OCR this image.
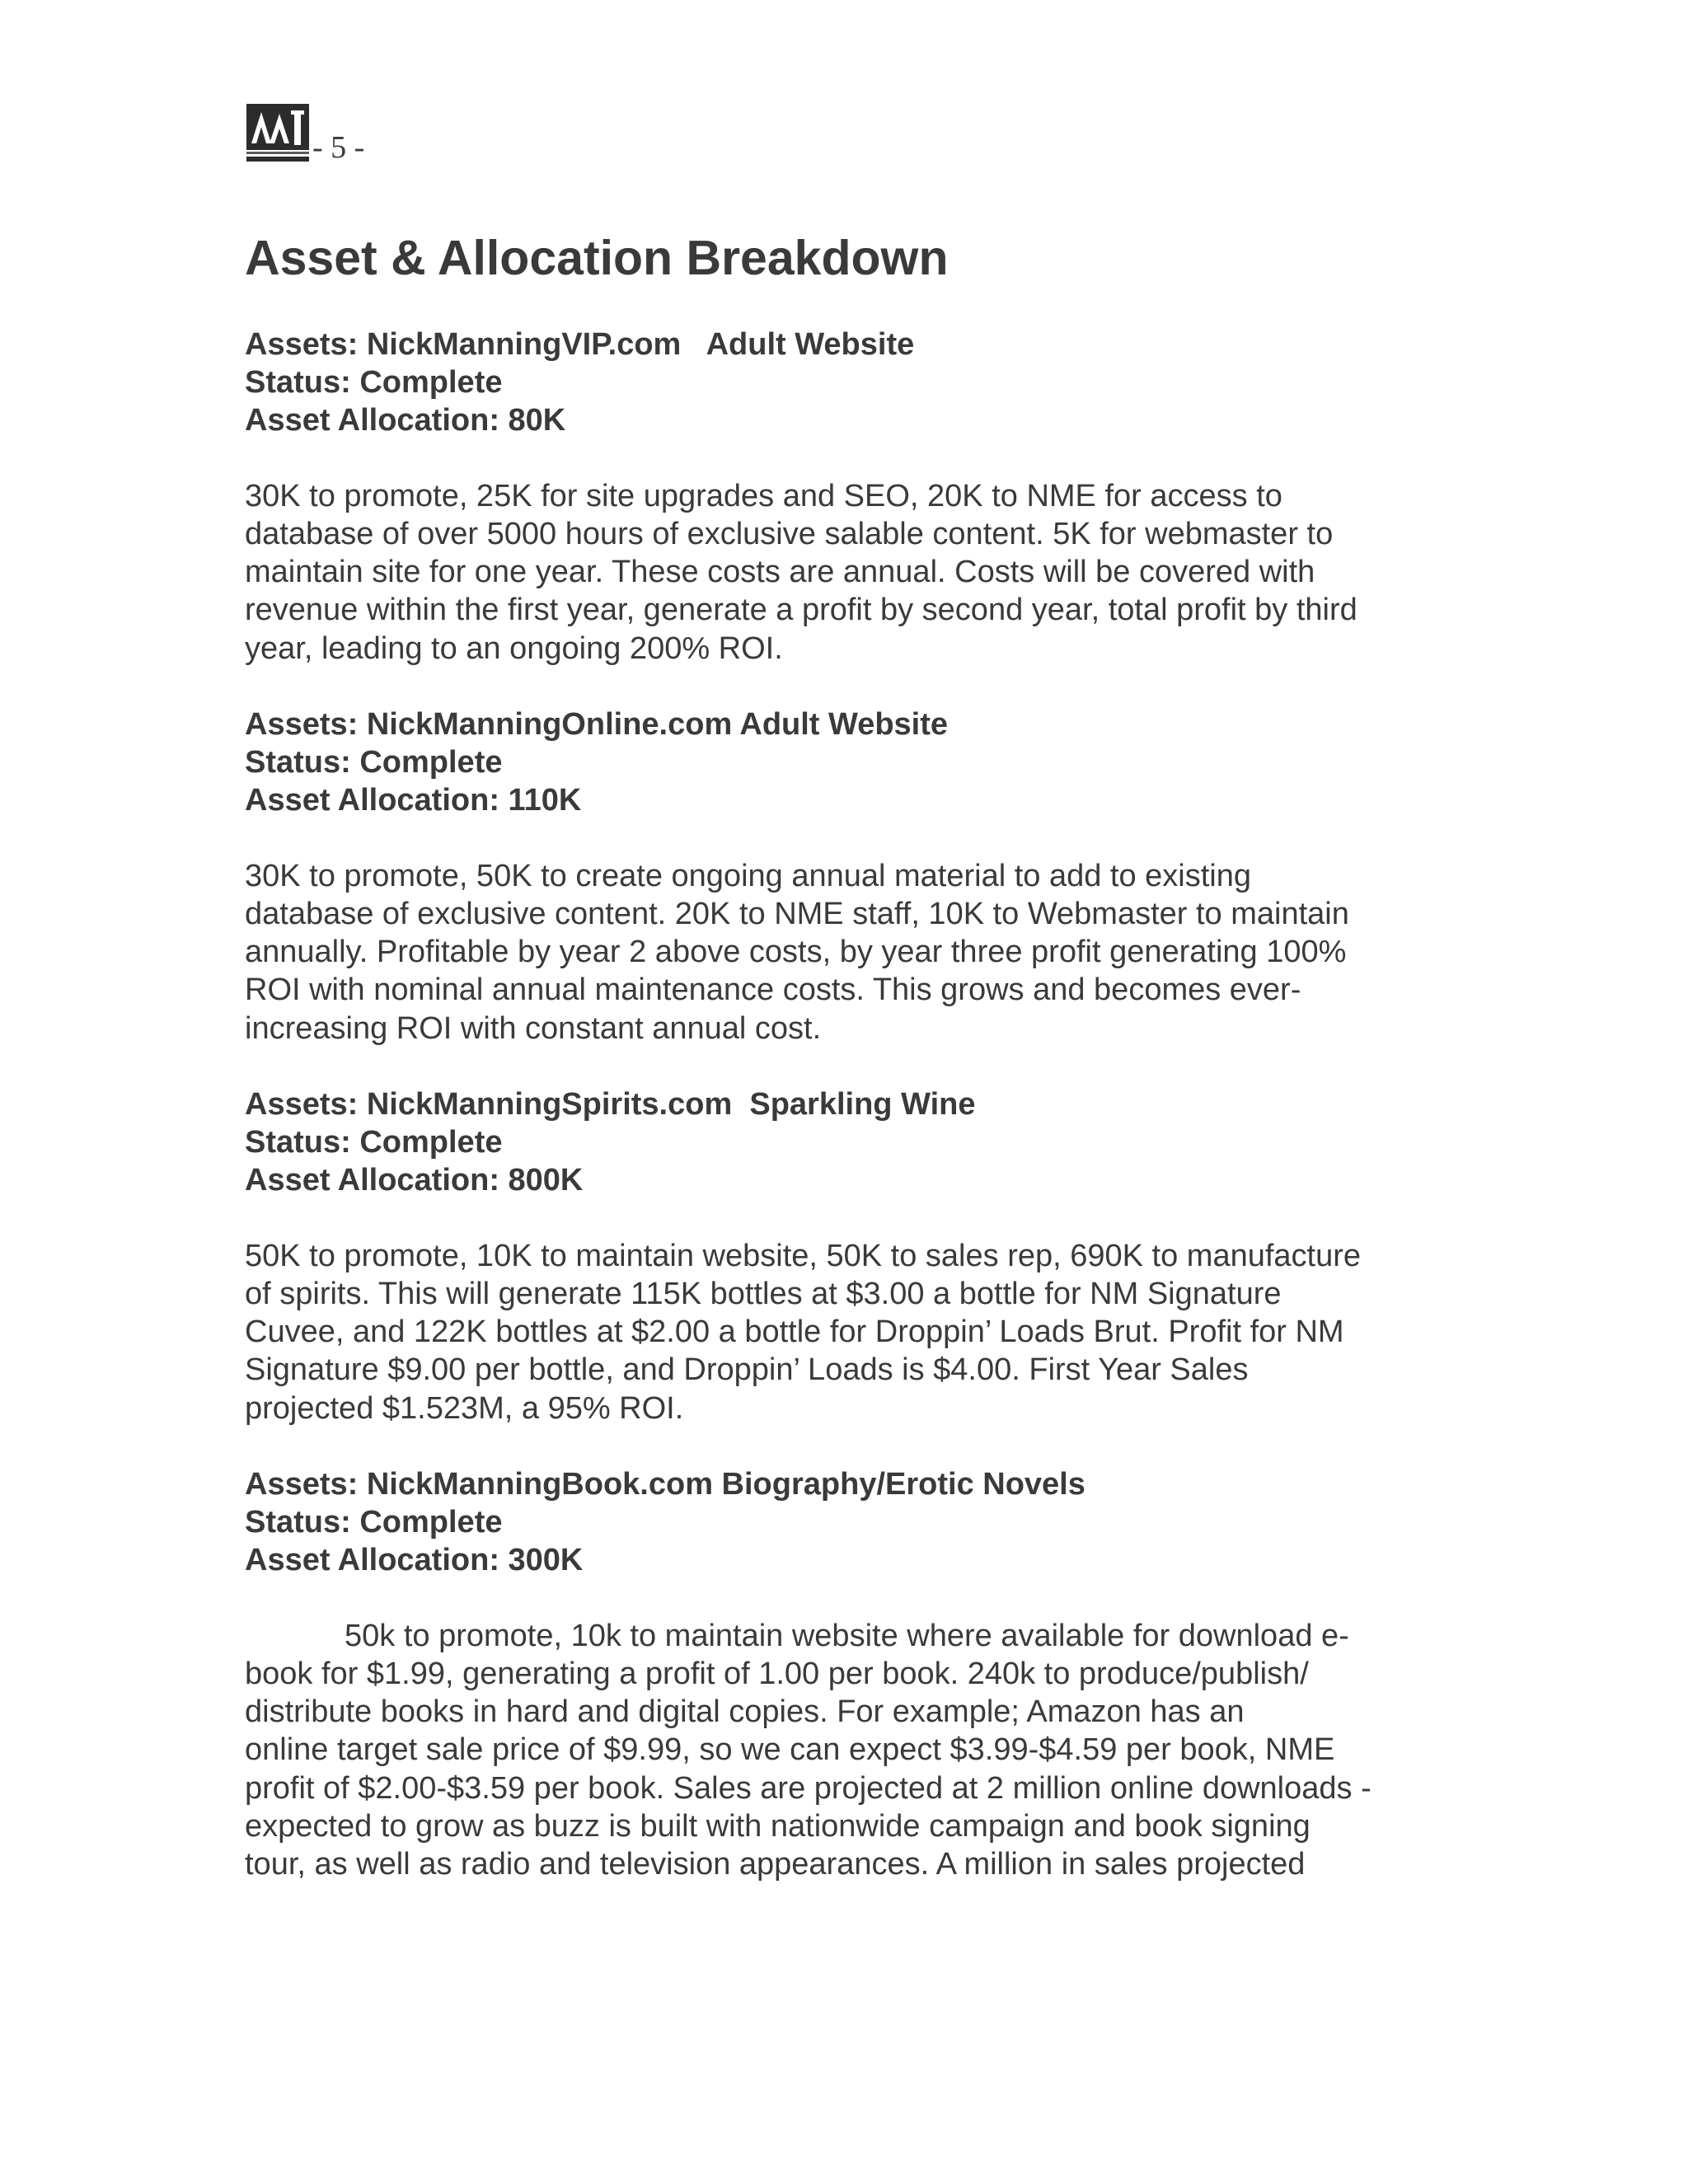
- 5 -
Asset & Allocation Breakdown
Assets: NickManningVIP.com   Adult Website
Status: Complete
Asset Allocation: 80K

30K to promote, 25K for site upgrades and SEO, 20K to NME for access to
database of over 5000 hours of exclusive salable content. 5K for webmaster to
maintain site for one year. These costs are annual. Costs will be covered with
revenue within the first year, generate a profit by second year, total profit by third
year, leading to an ongoing 200% ROI.

Assets: NickManningOnline.com Adult Website
Status: Complete
Asset Allocation: 110K

30K to promote, 50K to create ongoing annual material to add to existing
database of exclusive content. 20K to NME staff, 10K to Webmaster to maintain
annually. Profitable by year 2 above costs, by year three profit generating 100%
ROI with nominal annual maintenance costs. This grows and becomes ever-
increasing ROI with constant annual cost.

Assets: NickManningSpirits.com  Sparkling Wine
Status: Complete
Asset Allocation: 800K

50K to promote, 10K to maintain website, 50K to sales rep, 690K to manufacture
of spirits. This will generate 115K bottles at $3.00 a bottle for NM Signature
Cuvee, and 122K bottles at $2.00 a bottle for Droppin’ Loads Brut. Profit for NM
Signature $9.00 per bottle, and Droppin’ Loads is $4.00. First Year Sales
projected $1.523M, a 95% ROI.

Assets: NickManningBook.com Biography/Erotic Novels
Status: Complete
Asset Allocation: 300K

50k to promote, 10k to maintain website where available for download e-
book for $1.99, generating a profit of 1.00 per book. 240k to produce/publish/
distribute books in hard and digital copies. For example; Amazon has an
online target sale price of $9.99, so we can expect $3.99-$4.59 per book, NME
profit of $2.00-$3.59 per book. Sales are projected at 2 million online downloads -
expected to grow as buzz is built with nationwide campaign and book signing
tour, as well as radio and television appearances. A million in sales projected
